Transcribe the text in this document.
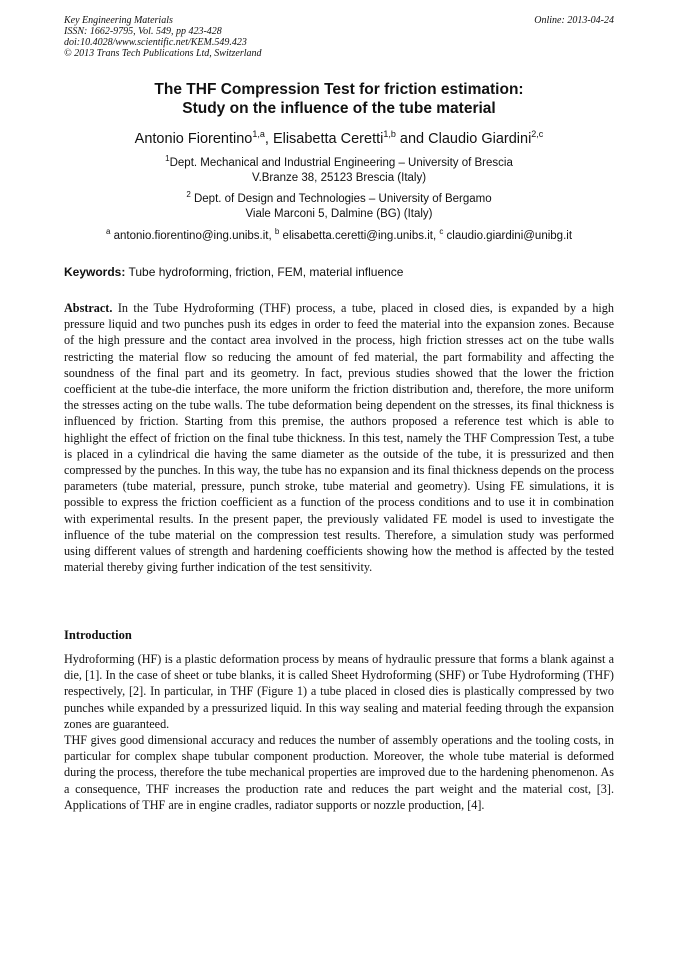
Key Engineering Materials
ISSN: 1662-9795, Vol. 549, pp 423-428
doi:10.4028/www.scientific.net/KEM.549.423
© 2013 Trans Tech Publications Ltd, Switzerland
Online: 2013-04-24
The THF Compression Test for friction estimation:
Study on the influence of the tube material
Antonio Fiorentino$^{1,a}$, Elisabetta Ceretti$^{1,b}$ and Claudio Giardini$^{2,c}$
$^1$Dept. Mechanical and Industrial Engineering – University of Brescia
V.Branze 38, 25123 Brescia (Italy)
$^2$ Dept. of Design and Technologies – University of Bergamo
Viale Marconi 5, Dalmine (BG) (Italy)
$^a$ antonio.fiorentino@ing.unibs.it, $^b$ elisabetta.ceretti@ing.unibs.it, $^c$ claudio.giardini@unibg.it
Keywords: Tube hydroforming, friction, FEM, material influence

Abstract. In the Tube Hydroforming (THF) process, a tube, placed in closed dies, is expanded by a high pressure liquid and two punches push its edges in order to feed the material into the expansion zones. Because of the high pressure and the contact area involved in the process, high friction stresses act on the tube walls restricting the material flow so reducing the amount of fed material, the part formability and affecting the soundness of the final part and its geometry. In fact, previous studies showed that the lower the friction coefficient at the tube-die interface, the more uniform the friction distribution and, therefore, the more uniform the stresses acting on the tube walls. The tube deformation being dependent on the stresses, its final thickness is influenced by friction. Starting from this premise, the authors proposed a reference test which is able to highlight the effect of friction on the final tube thickness. In this test, namely the THF Compression Test, a tube is placed in a cylindrical die having the same diameter as the outside of the tube, it is pressurized and then compressed by the punches. In this way, the tube has no expansion and its final thickness depends on the process parameters (tube material, pressure, punch stroke, tube material and geometry). Using FE simulations, it is possible to express the friction coefficient as a function of the process conditions and to use it in combination with experimental results. In the present paper, the previously validated FE model is used to investigate the influence of the tube material on the compression test results. Therefore, a simulation study was performed using different values of strength and hardening coefficients showing how the method is affected by the tested material thereby giving further indication of the test sensitivity.

Introduction

Hydroforming (HF) is a plastic deformation process by means of hydraulic pressure that forms a blank against a die, [1]. In the case of sheet or tube blanks, it is called Sheet Hydroforming (SHF) or Tube Hydroforming (THF) respectively, [2]. In particular, in THF (Figure 1) a tube placed in closed dies is plastically compressed by two punches while expanded by a pressurized liquid. In this way sealing and material feeding through the expansion zones are guaranteed.

THF gives good dimensional accuracy and reduces the number of assembly operations and the tooling costs, in particular for complex shape tubular component production. Moreover, the whole tube material is deformed during the process, therefore the tube mechanical properties are improved due to the hardening phenomenon. As a consequence, THF increases the production rate and reduces the part weight and the material cost, [3]. Applications of THF are in engine cradles, radiator supports or nozzle production, [4].
